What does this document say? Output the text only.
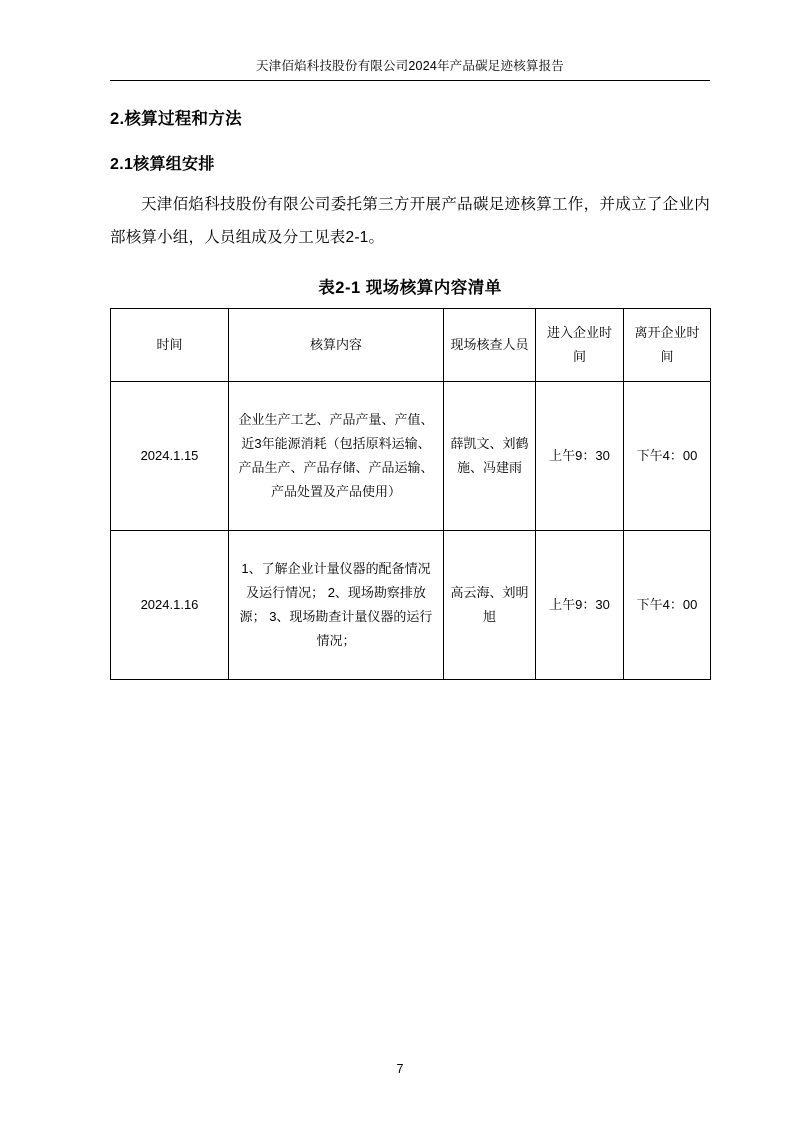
天津佰焰科技股份有限公司2024年产品碳足迹核算报告
2.核算过程和方法
2.1核算组安排

天津佰焰科技股份有限公司委托第三方开展产品碳足迹核算工作，并成立了企业内部核算小组，人员组成及分工见表2-1。

表2-1 现场核算内容清单
时间	核算内容	现场核查人员	进入企业时间	离开企业时间
2024.1.15	企业生产工艺、产品产量、产值、近3年能源消耗（包括原料运输、产品生产、产品存储、产品运输、产品处置及产品使用）	薛凯文、刘鹤施、冯建雨	上午9：30	下午4：00
2024.1.16	1、了解企业计量仪器的配备情况及运行情况； 2、现场勘察排放源； 3、现场勘查计量仪器的运行情况；	高云海、刘明旭	上午9：30	下午4：00
7
